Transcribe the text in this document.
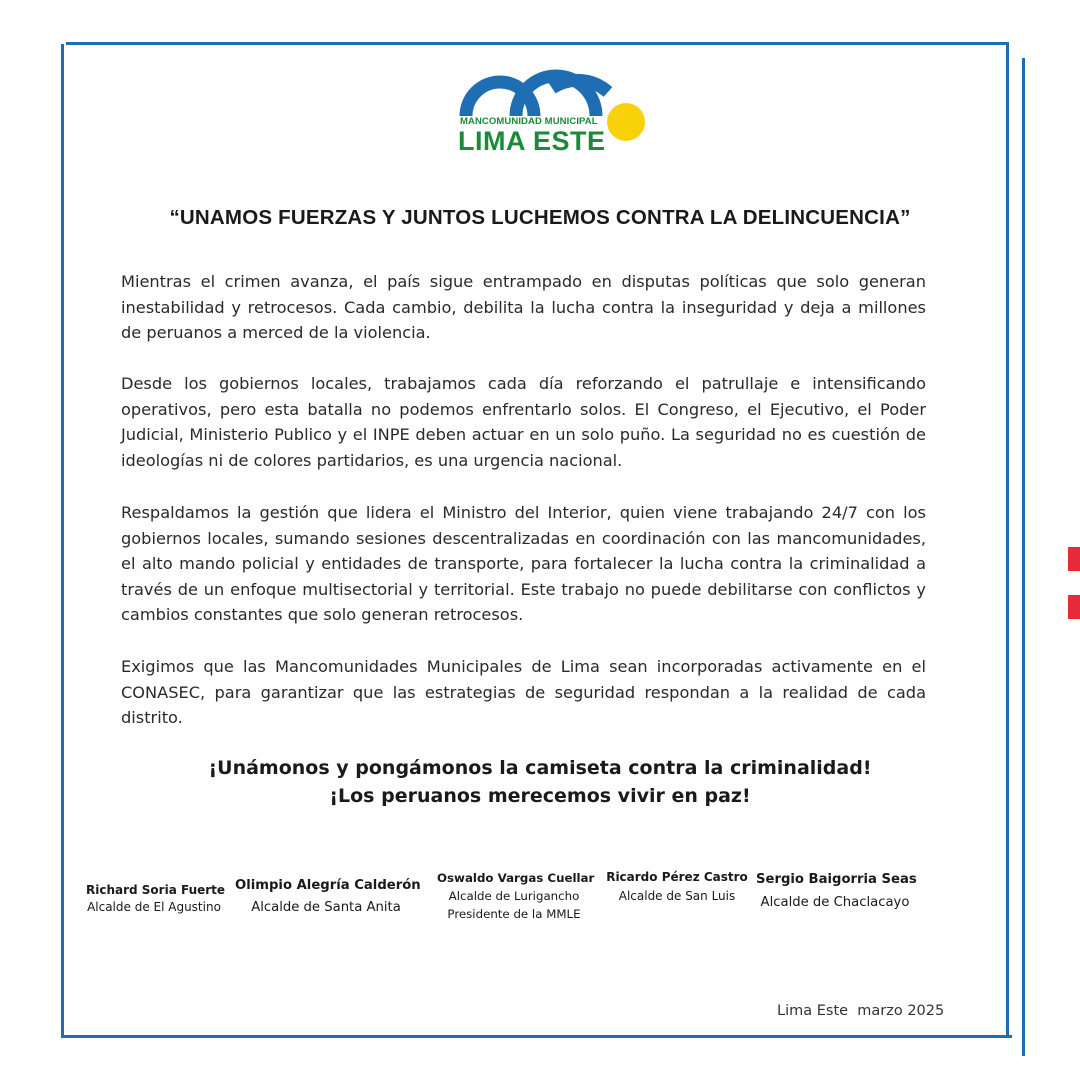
MANCOMUNIDAD MUNICIPAL
LIMA ESTE
“UNAMOS FUERZAS Y JUNTOS LUCHEMOS CONTRA LA DELINCUENCIA”
Mientras el crimen avanza, el país sigue entrampado en disputas políticas que solo generan inestabilidad y retrocesos. Cada cambio, debilita la lucha contra la inseguridad y deja a millones de peruanos a merced de la violencia.
Desde los gobiernos locales, trabajamos cada día reforzando el patrullaje e intensificando operativos, pero esta batalla no podemos enfrentarlo solos. El Congreso, el Ejecutivo, el Poder Judicial, Ministerio Publico y el INPE deben actuar en un solo puño. La seguridad no es cuestión de ideologías ni de colores partidarios, es una urgencia nacional.
Respaldamos la gestión que lidera el Ministro del Interior, quien viene trabajando 24/7 con los gobiernos locales, sumando sesiones descentralizadas en coordinación con las mancomunidades, el alto mando policial y entidades de transporte, para fortalecer la lucha contra la criminalidad a través de un enfoque multisectorial y territorial. Este trabajo no puede debilitarse con conflictos y cambios constantes que solo generan retrocesos.
Exigimos que las Mancomunidades Municipales de Lima sean incorporadas activamente en el CONASEC, para garantizar que las estrategias de seguridad respondan a la realidad de cada distrito.
¡Unámonos y pongámonos la camiseta contra la criminalidad!
¡Los peruanos merecemos vivir en paz!
Richard Soria Fuerte
Alcalde de El Agustino
Olimpio Alegría Calderón
Alcalde de Santa Anita
Oswaldo Vargas Cuellar
Alcalde de Lurigancho
Presidente de la MMLE
Ricardo Pérez Castro
Alcalde de San Luis
Sergio Baigorria Seas
Alcalde de Chaclacayo
Lima Este  marzo 2025
